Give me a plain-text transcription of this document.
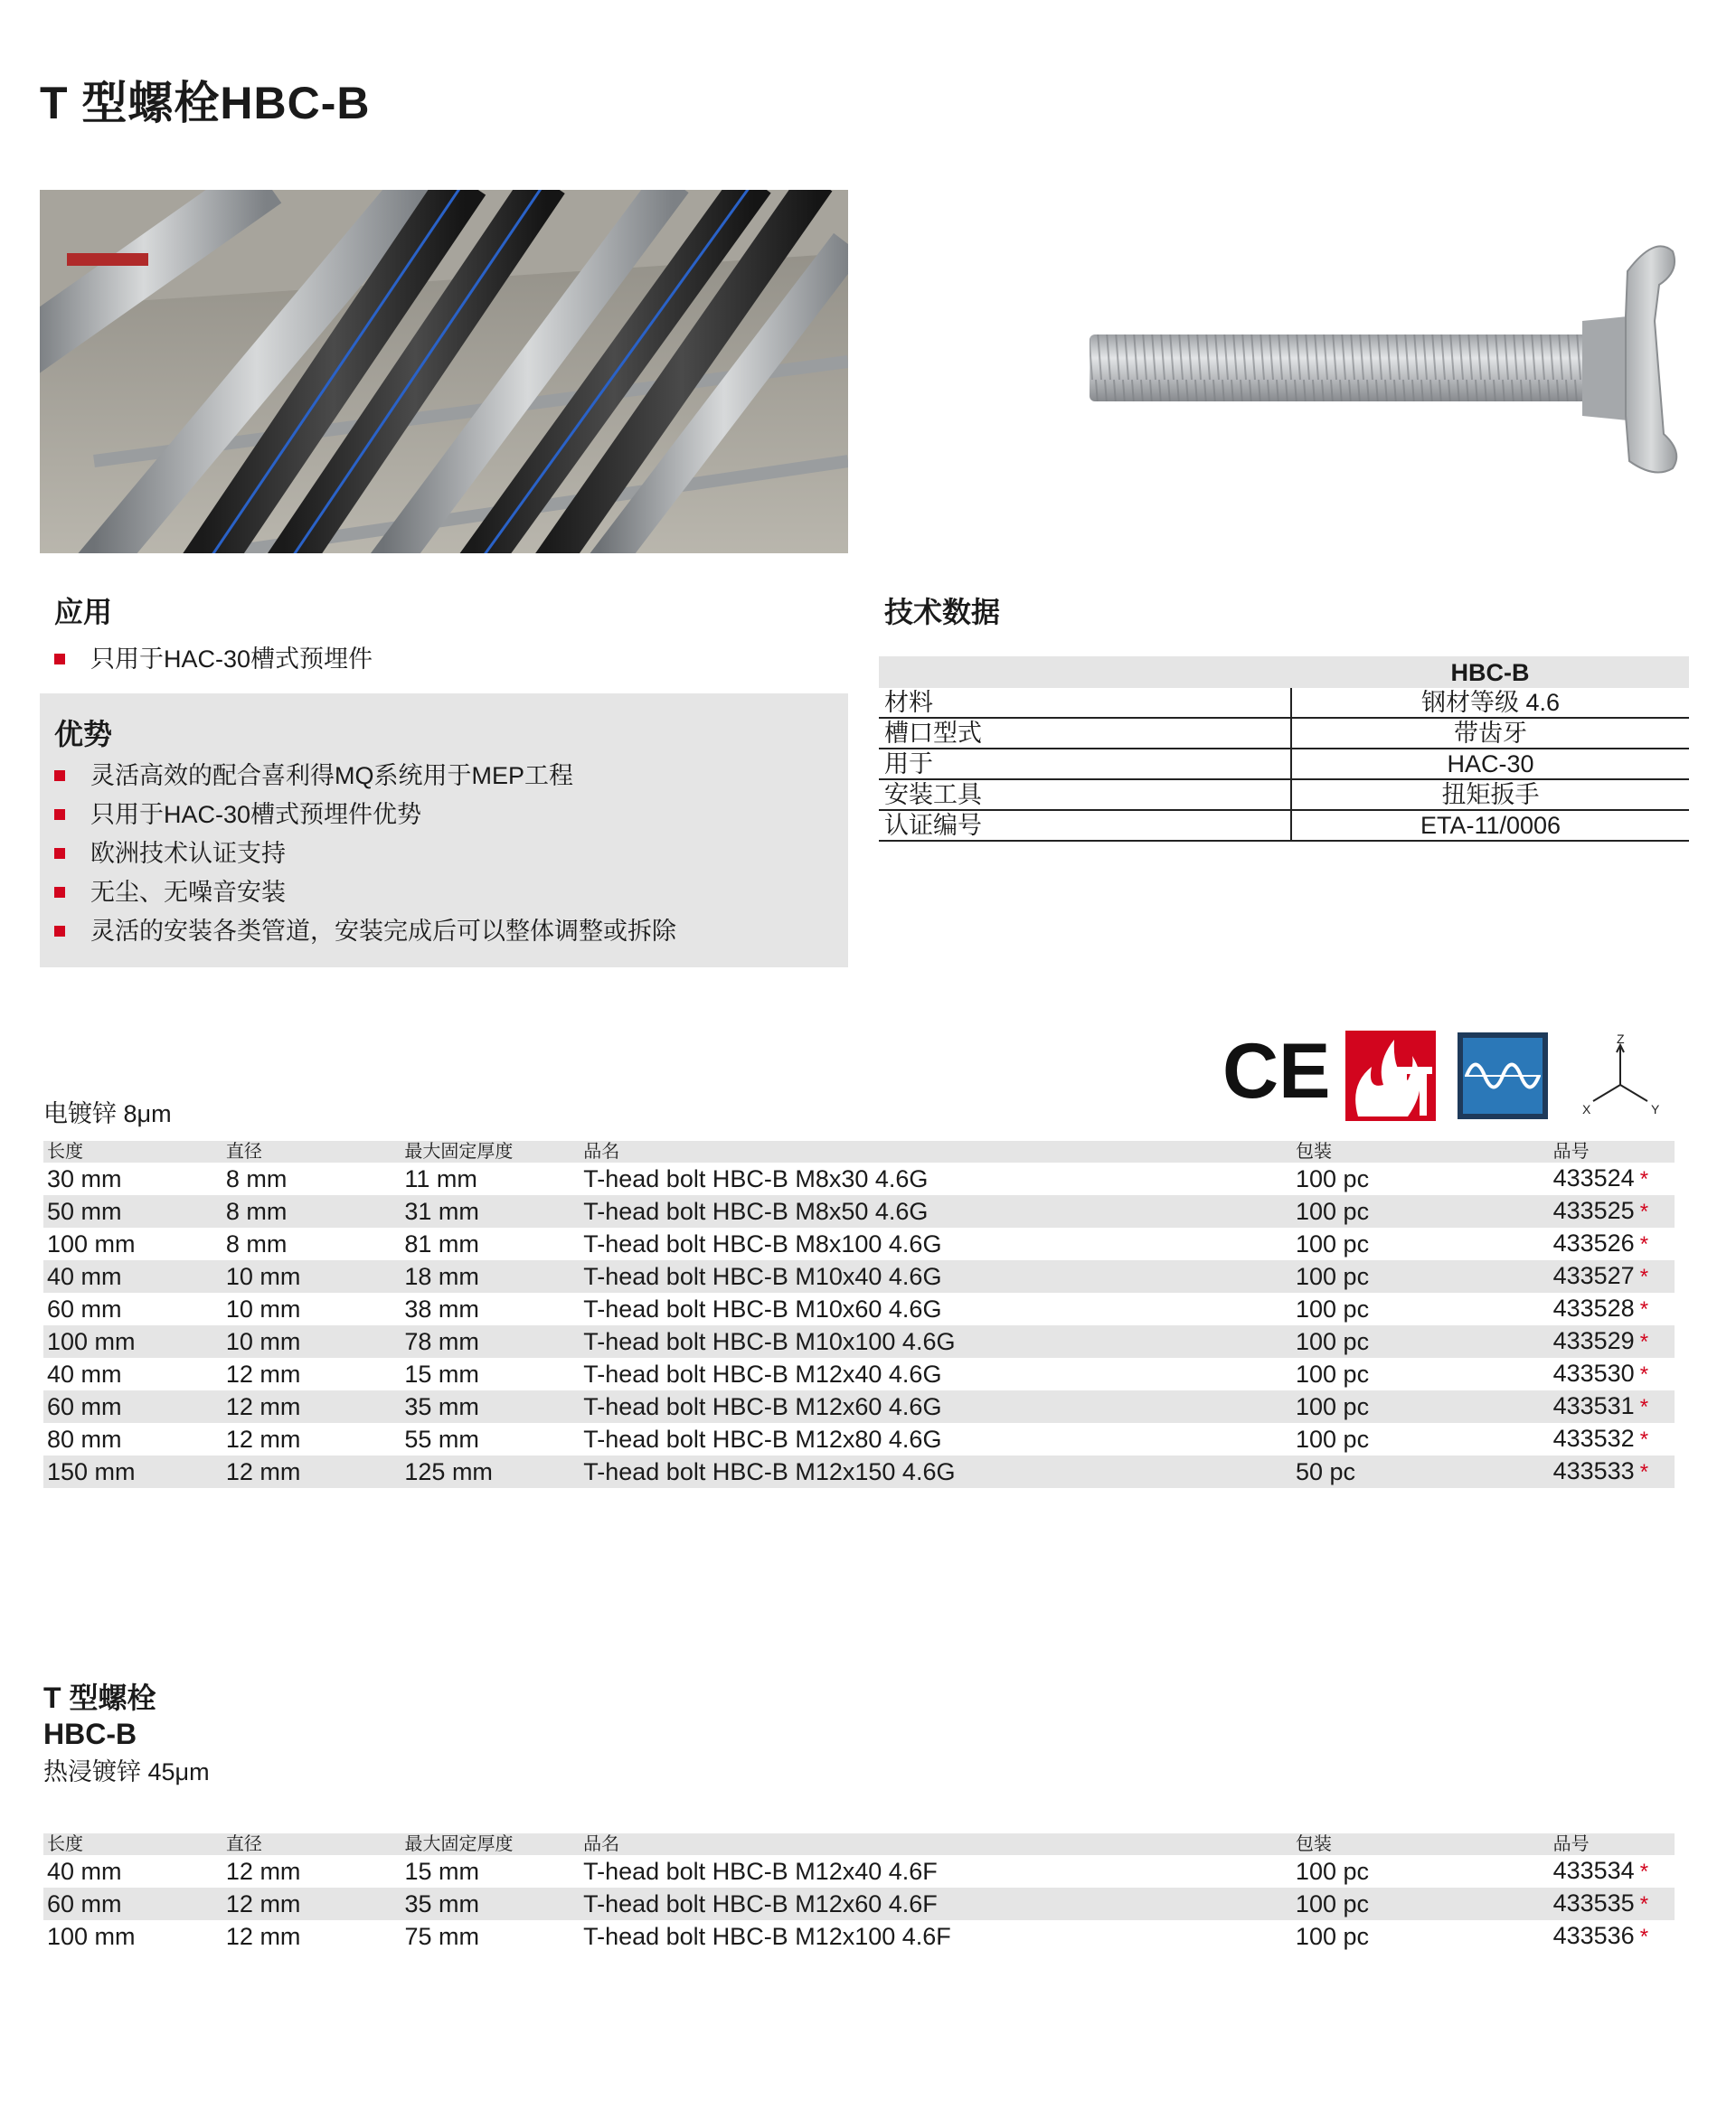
T 型螺栓HBC-B
应用
只用于HAC-30槽式预埋件
优势
灵活高效的配合喜利得MQ系统用于MEP工程
只用于HAC-30槽式预埋件优势
欧洲技术认证支持
无尘、无噪音安装
灵活的安装各类管道，安装完成后可以整体调整或拆除
技术数据
	HBC-B
材料	钢材等级 4.6
槽口型式	带齿牙
用于	HAC-30
安装工具	扭矩扳手
认证编号	ETA-11/0006
CE	Z
X	Y
电镀锌 8μm
长度	直径	最大固定厚度	品名	包装	品号
30 mm	8 mm	11 mm	T-head bolt HBC-B M8x30 4.6G	100 pc	433524 *
50 mm	8 mm	31 mm	T-head bolt HBC-B M8x50 4.6G	100 pc	433525 *
100 mm	8 mm	81 mm	T-head bolt HBC-B M8x100 4.6G	100 pc	433526 *
40 mm	10 mm	18 mm	T-head bolt HBC-B M10x40 4.6G	100 pc	433527 *
60 mm	10 mm	38 mm	T-head bolt HBC-B M10x60 4.6G	100 pc	433528 *
100 mm	10 mm	78 mm	T-head bolt HBC-B M10x100 4.6G	100 pc	433529 *
40 mm	12 mm	15 mm	T-head bolt HBC-B M12x40 4.6G	100 pc	433530 *
60 mm	12 mm	35 mm	T-head bolt HBC-B M12x60 4.6G	100 pc	433531 *
80 mm	12 mm	55 mm	T-head bolt HBC-B M12x80 4.6G	100 pc	433532 *
150 mm	12 mm	125 mm	T-head bolt HBC-B M12x150 4.6G	50 pc	433533 *
T 型螺栓
HBC-B
热浸镀锌 45μm
长度	直径	最大固定厚度	品名	包装	品号
40 mm	12 mm	15 mm	T-head bolt HBC-B M12x40 4.6F	100 pc	433534 *
60 mm	12 mm	35 mm	T-head bolt HBC-B M12x60 4.6F	100 pc	433535 *
100 mm	12 mm	75 mm	T-head bolt HBC-B M12x100 4.6F	100 pc	433536 *
